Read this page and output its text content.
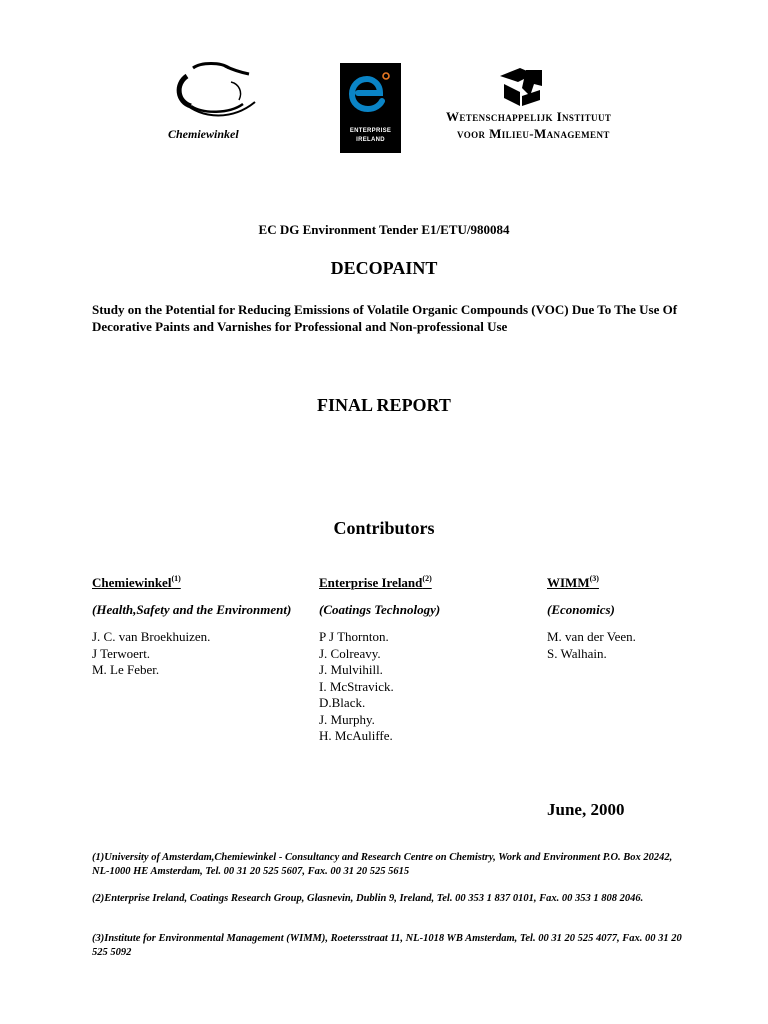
Chemiewinkel	ENTERPRISE
IRELAND
Wetenschappelijk Instituut
voor Milieu-Management
EC DG Environment Tender E1/ETU/980084
DECOPAINT
Study on the Potential for Reducing Emissions of Volatile Organic Compounds (VOC) Due To The Use Of Decorative Paints and Varnishes for Professional and Non-professional Use
FINAL REPORT
Contributors
Chemiewinkel$^{(1)}$
(Health,Safety and the Environment)
J. C. van Broekhuizen.
J Terwoert.
M. Le Feber.
Enterprise Ireland$^{(2)}$
(Coatings Technology)
P J Thornton.
J. Colreavy.
J. Mulvihill.
I. McStravick.
D.Black.
J. Murphy.
H. McAuliffe.
WIMM$^{(3)}$
(Economics)
M. van der Veen.
S. Walhain.
June, 2000
(1)University of Amsterdam,Chemiewinkel - Consultancy and Research Centre on Chemistry, Work and Environment P.O. Box 20242, NL-1000 HE Amsterdam, Tel. 00 31 20 525 5607, Fax. 00 31 20 525 5615
(2)Enterprise Ireland, Coatings Research Group, Glasnevin, Dublin 9, Ireland, Tel. 00 353 1 837 0101, Fax. 00 353 1 808 2046.
(3)Institute for Environmental Management (WIMM), Roetersstraat 11, NL-1018 WB Amsterdam, Tel. 00 31 20 525 4077, Fax. 00 31 20 525 5092
